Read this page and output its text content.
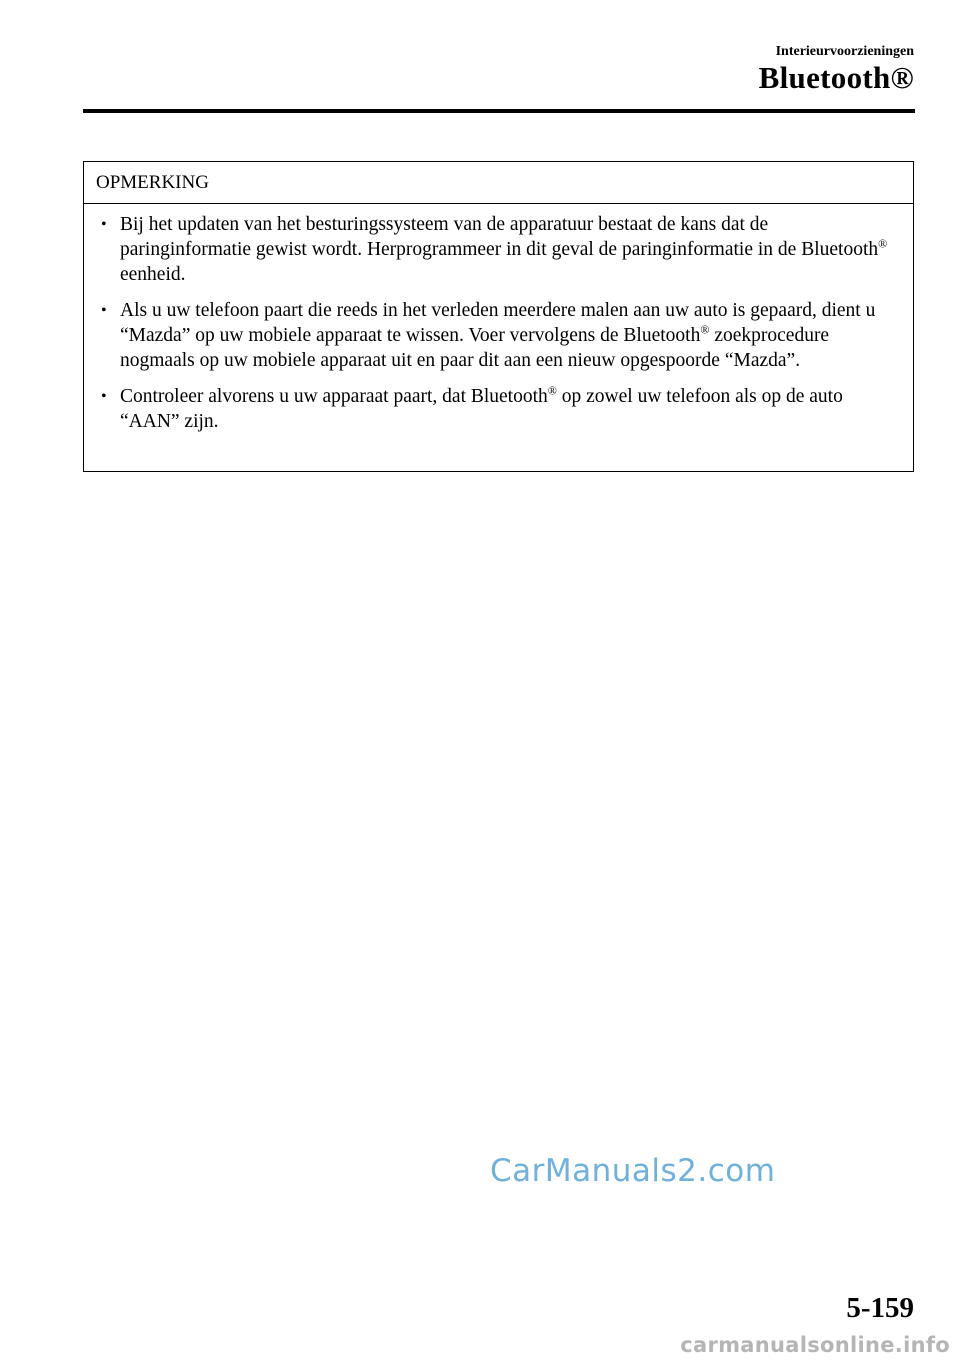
Interieurvoorzieningen
Bluetooth®
OPMERKING
• Bij het updaten van het besturingssysteem van de apparatuur bestaat de kans dat de paringinformatie gewist wordt. Herprogrammeer in dit geval de paringinformatie in de Bluetooth® eenheid.
• Als u uw telefoon paart die reeds in het verleden meerdere malen aan uw auto is gepaard, dient u “Mazda” op uw mobiele apparaat te wissen. Voer vervolgens de Bluetooth® zoekprocedure nogmaals op uw mobiele apparaat uit en paar dit aan een nieuw opgespoorde “Mazda”.
• Controleer alvorens u uw apparaat paart, dat Bluetooth® op zowel uw telefoon als op de auto “AAN” zijn.
CarManuals2.com
5-159
carmanualsonline.info
